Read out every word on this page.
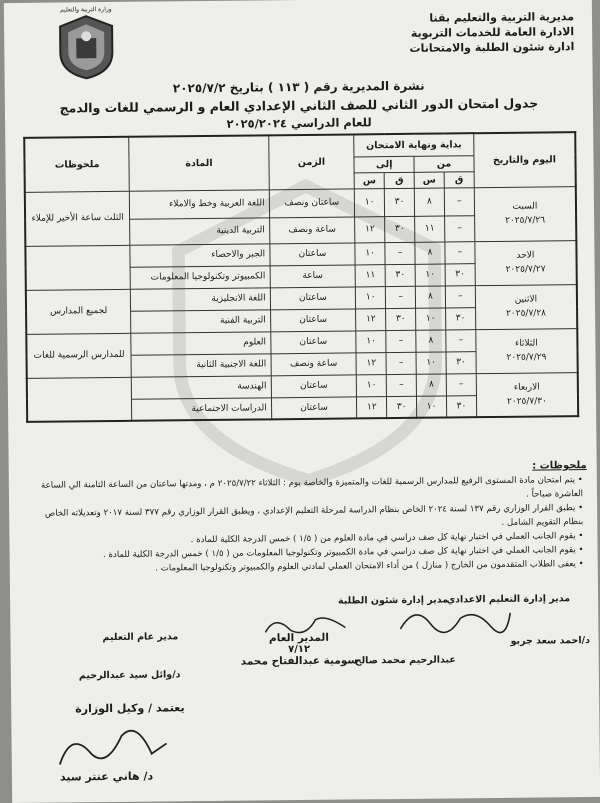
وزارة التربية والتعليم
مديرية التربية والتعليم بقنا
الادارة العامة للخدمات التربوية
ادارة شئون الطلبة والامتحانات
نشرة المديرية رقم ( ١١٣ ) بتاريخ ٢٠٢٥/٧/٢
جدول امتحان الدور الثاني للصف الثاني الإعدادي العام و الرسمي للغات والدمج
للعام الدراسي ٢٠٢٥/٢٠٢٤
اليوم والتاريخ	بداية ونهاية الامتحان				الزمن	المادة	ملحوظات
	من		إلى				
	ق	س	ق	س			

السبت
٢٠٢٥/٧/٢٦	–	٨	٣٠	١٠	ساعتان ونصف	اللغة العربية وخط والاملاء	الثلث ساعة الأخير للإملاء
	–	١١	٣٠	١٢	ساعة ونصف	التربية الدينية	

الاحد
٢٠٢٥/٧/٢٧	–	٨	–	١٠	ساعتان	الجبر والاحصاء	
	٣٠	١٠	٣٠	١١	ساعة	الكمبيوتر وتكنولوجيا المعلومات	

الاثنين
٢٠٢٥/٧/٢٨	–	٨	–	١٠	ساعتان	اللغة الانجليزية	لجميع المدارس
	٣٠	١٠	٣٠	١٢	ساعتان	التربية الفنية	

الثلاثاء
٢٠٢٥/٧/٢٩	–	٨	–	١٠	ساعتان	العلوم	للمدارس الرسمية للغات
	٣٠	١٠	–	١٢	ساعة ونصف	اللغة الاجنبية الثانية	

الاربعاء
٢٠٢٥/٧/٣٠	–	٨	–	١٠	ساعتان	الهندسة	
	٣٠	١٠	٣٠	١٢	ساعتان	الدراسات الاجتماعية	
ملحوظات :
• يتم امتحان مادة المستوى الرفيع للمدارس الرسمية للغات والمتميزة والخاصة يوم : الثلاثاء ٢٠٢٥/٧/٢٢ م ، ومدتها ساعتان من الساعة الثامنة الي الساعة العاشرة صباحاً .
• يطبق القرار الوزاري رقم ١٣٧ لسنة ٢٠٢٤ الخاص بنظام الدراسة لمرحلة التعليم الإعدادي ، ويطبق القرار الوزاري رقم ٣٧٧ لسنة ٢٠١٧ وتعديلاته الخاص بنظام التقويم الشامل .
• يقوم الجانب العملي في اختبار نهاية كل صف دراسي في مادة العلوم من ( ١/٥ ) خمس الدرجة الكلية للمادة .
• يقوم الجانب العملي في اختبار نهاية كل صف دراسي في مادة الكمبيوتر وتكنولوجيا المعلومات من ( ١/٥ ) خمس الدرجة الكلية للمادة .
• يعفى الطلاب المتقدمون من الخارج ( منازل ) من أداء الامتحان العملي لمادتي العلوم والكمبيوتر وتكنولوجيا المعلومات .
مدير إدارة شئون الطلبة
مدير إدارة التعليم الاعدادي
المدير العام
٧/١٢
سومية عبدالفتاح محمد
عبدالرحيم محمد صالح
د/احمد سعد جربو
مدير عام التعليم
د/وائل سيد عبدالرحيم
يعتمد / وكيل الوزارة
د/ هاني عنتر سيد
